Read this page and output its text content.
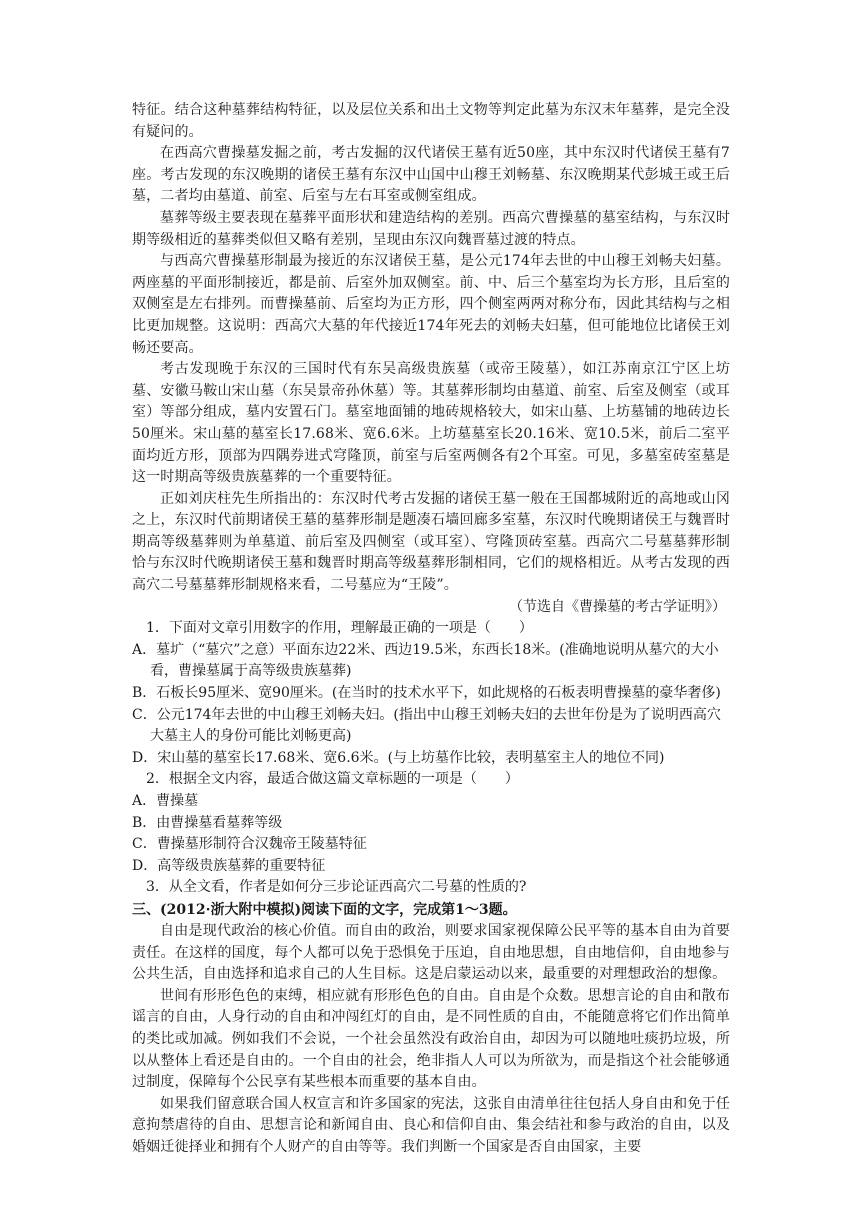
特征。结合这种墓葬结构特征，以及层位关系和出土文物等判定此墓为东汉末年墓葬，是完全没有疑问的。

在西高穴曹操墓发掘之前，考古发掘的汉代诸侯王墓有近50座，其中东汉时代诸侯王墓有7座。考古发现的东汉晚期的诸侯王墓有东汉中山国中山穆王刘畅墓、东汉晚期某代彭城王或王后墓，二者均由墓道、前室、后室与左右耳室或侧室组成。

墓葬等级主要表现在墓葬平面形状和建造结构的差别。西高穴曹操墓的墓室结构，与东汉时期等级相近的墓葬类似但又略有差别，呈现由东汉向魏晋墓过渡的特点。

与西高穴曹操墓形制最为接近的东汉诸侯王墓，是公元174年去世的中山穆王刘畅夫妇墓。两座墓的平面形制接近，都是前、后室外加双侧室。前、中、后三个墓室均为长方形，且后室的双侧室是左右排列。而曹操墓前、后室均为正方形，四个侧室两两对称分布，因此其结构与之相比更加规整。这说明：西高穴大墓的年代接近174年死去的刘畅夫妇墓，但可能地位比诸侯王刘畅还要高。

考古发现晚于东汉的三国时代有东吴高级贵族墓（或帝王陵墓），如江苏南京江宁区上坊墓、安徽马鞍山宋山墓（东吴景帝孙休墓）等。其墓葬形制均由墓道、前室、后室及侧室（或耳室）等部分组成，墓内安置石门。墓室地面铺的地砖规格较大，如宋山墓、上坊墓铺的地砖边长50厘米。宋山墓的墓室长17.68米、宽6.6米。上坊墓墓室长20.16米、宽10.5米，前后二室平面均近方形，顶部为四隅券进式穹隆顶，前室与后室两侧各有2个耳室。可见，多墓室砖室墓是这一时期高等级贵族墓葬的一个重要特征。

正如刘庆柱先生所指出的：东汉时代考古发掘的诸侯王墓一般在王国都城附近的高地或山冈之上，东汉时代前期诸侯王墓的墓葬形制是题凑石墙回廊多室墓，东汉时代晚期诸侯王与魏晋时期高等级墓葬则为单墓道、前后室及四侧室（或耳室）、穹隆顶砖室墓。西高穴二号墓墓葬形制恰与东汉时代晚期诸侯王墓和魏晋时期高等级墓葬形制相同，它们的规格相近。从考古发现的西高穴二号墓墓葬形制规格来看，二号墓应为“王陵”。

（节选自《曹操墓的考古学证明》）

1．下面对文章引用数字的作用，理解最正确的一项是（　　）

A．墓圹（“墓穴”之意）平面东边22米、西边19.5米，东西长18米。(准确地说明从墓穴的大小看，曹操墓属于高等级贵族墓葬)

B．石板长95厘米、宽90厘米。(在当时的技术水平下，如此规格的石板表明曹操墓的豪华奢侈)

C．公元174年去世的中山穆王刘畅夫妇。(指出中山穆王刘畅夫妇的去世年份是为了说明西高穴大墓主人的身份可能比刘畅更高)

D．宋山墓的墓室长17.68米、宽6.6米。(与上坊墓作比较，表明墓室主人的地位不同)

2．根据全文内容，最适合做这篇文章标题的一项是（　　）

A．曹操墓

B．由曹操墓看墓葬等级

C．曹操墓形制符合汉魏帝王陵墓特征

D．高等级贵族墓葬的重要特征

3．从全文看，作者是如何分三步论证西高穴二号墓的性质的?

三、(2012·浙大附中模拟)阅读下面的文字，完成第1～3题。

自由是现代政治的核心价值。而自由的政治，则要求国家视保障公民平等的基本自由为首要责任。在这样的国度，每个人都可以免于恐惧免于压迫，自由地思想，自由地信仰，自由地参与公共生活，自由选择和追求自己的人生目标。这是启蒙运动以来，最重要的对理想政治的想像。

世间有形形色色的束缚，相应就有形形色色的自由。自由是个众数。思想言论的自由和散布谣言的自由，人身行动的自由和冲闯红灯的自由，是不同性质的自由，不能随意将它们作出简单的类比或加减。例如我们不会说，一个社会虽然没有政治自由，却因为可以随地吐痰扔垃圾，所以从整体上看还是自由的。一个自由的社会，绝非指人人可以为所欲为，而是指这个社会能够通过制度，保障每个公民享有某些根本而重要的基本自由。

如果我们留意联合国人权宣言和许多国家的宪法，这张自由清单往往包括人身自由和免于任意拘禁虐待的自由、思想言论和新闻自由、良心和信仰自由、集会结社和参与政治的自由，以及婚姻迁徙择业和拥有个人财产的自由等等。我们判断一个国家是否自由国家，主要
